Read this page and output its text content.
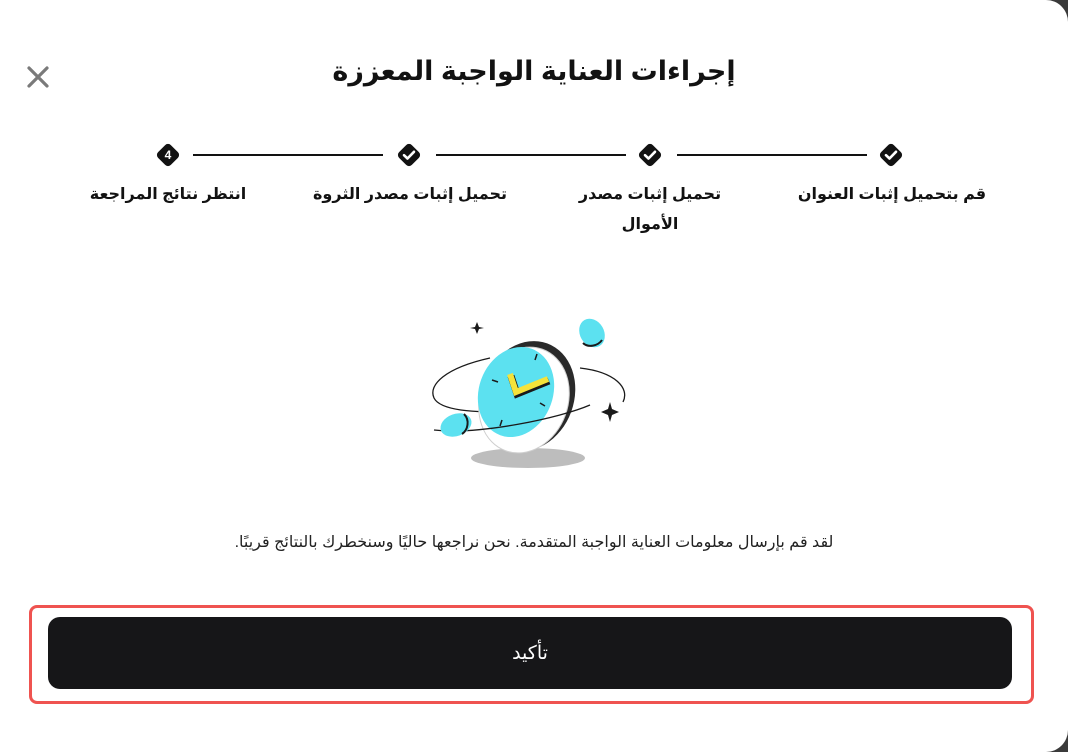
إجراءات العناية الواجبة المعززة
قم بتحميل إثبات العنوان
تحميل إثبات مصدر
الأموال
تحميل إثبات مصدر الثروة
4
انتظر نتائج المراجعة
لقد قم بإرسال معلومات العناية الواجبة المتقدمة. نحن نراجعها حاليًا وسنخطرك بالنتائج قريبًا.
تأكيد
